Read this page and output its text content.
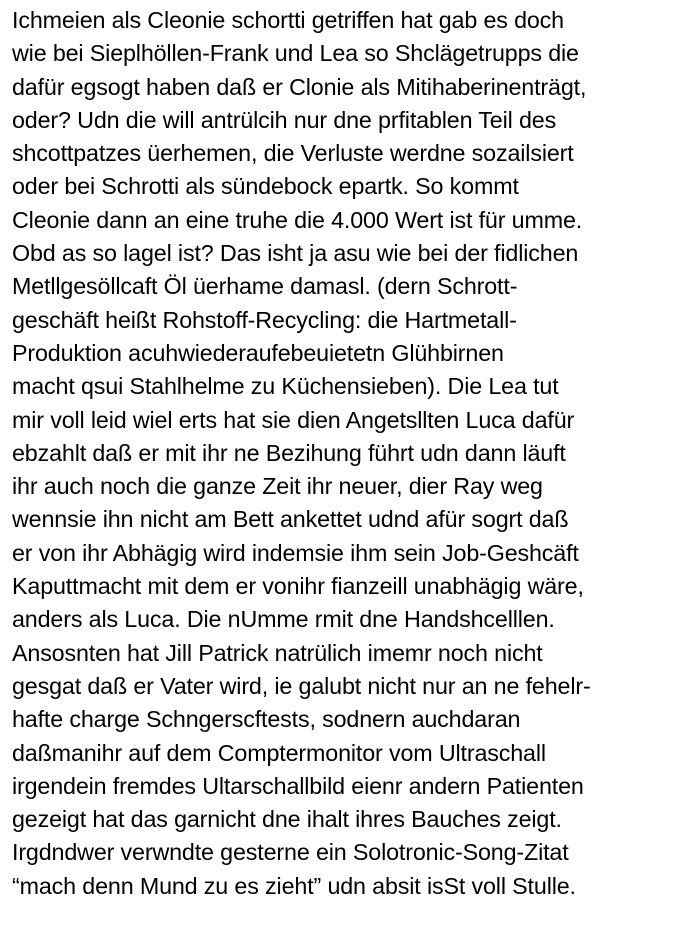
Ichmeien als Cleonie schortti getriffen hat gab es doch
wie bei Sieplhöllen-Frank und Lea so Shclägetrupps die
dafür egsogt haben daß er Clonie als Mitihaberinenträgt,
oder? Udn die will antrülcih nur dne prfitablen Teil des
shcottpatzes üerhemen, die Verluste werdne sozailsiert
oder bei Schrotti als sündebock epartk. So kommt
Cleonie dann an eine truhe die 4.000 Wert ist für umme.
Obd as so lagel ist? Das isht ja asu wie bei der fidlichen
Metllgesöllcaft Öl üerhame damasl. (dern Schrott-
geschäft heißt Rohstoff-Recycling: die Hartmetall-
Produktion acuhwiederaufebeuietetn Glühbirnen
macht qsui Stahlhelme zu Küchensieben). Die Lea tut
mir voll leid wiel erts hat sie dien Angetsllten Luca dafür
ebzahlt daß er mit ihr ne Bezihung führt udn dann läuft
ihr auch noch die ganze Zeit ihr neuer, dier Ray weg
wennsie ihn nicht am Bett ankettet udnd afür sogrt daß
er von ihr Abhägig wird indemsie ihm sein Job-Geshcäft
Kaputtmacht mit dem er vonihr fianzeill unabhägig wäre,
anders als Luca. Die nUmme rmit dne Handshcelllen.
Ansosnten hat Jill Patrick natrülich imemr noch nicht
gesgat daß er Vater wird, ie galubt nicht nur an ne fehelr-
hafte charge Schngerscftests, sodnern auchdaran
daßmanihr auf dem Comptermonitor vom Ultraschall
irgendein fremdes Ultarschallbild eienr andern Patienten
gezeigt hat das garnicht dne ihalt ihres Bauches zeigt.
Irgdndwer verwndte gesterne ein Solotronic-Song-Zitat
“mach denn Mund zu es zieht” udn absit isSt voll Stulle.
